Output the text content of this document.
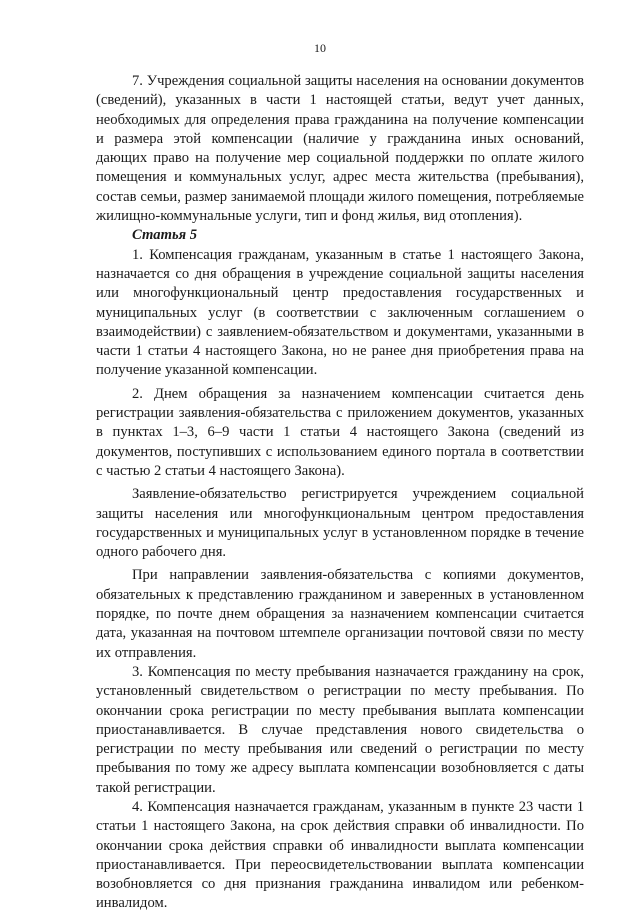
10

7. Учреждения социальной защиты населения на основании документов (сведений), указанных в части 1 настоящей статьи, ведут учет данных, необходимых для определения права гражданина на получение компенсации и размера этой компенсации (наличие у гражданина иных оснований, дающих право на получение мер социальной поддержки по оплате жилого помещения и коммунальных услуг, адрес места жительства (пребывания), состав семьи, размер занимаемой площади жилого помещения, потребляемые жилищно-коммунальные услуги, тип и фонд жилья, вид отопления).

Статья 5

1. Компенсация гражданам, указанным в статье 1 настоящего Закона, назначается со дня обращения в учреждение социальной защиты населения или многофункциональный центр предоставления государственных и муниципальных услуг (в соответствии с заключенным соглашением о взаимодействии) с заявлением-обязательством и документами, указанными в части 1 статьи 4 настоящего Закона, но не ранее дня приобретения права на получение указанной компенсации.

2. Днем обращения за назначением компенсации считается день регистрации заявления-обязательства с приложением документов, указанных в пунктах 1–3, 6–9 части 1 статьи 4 настоящего Закона (сведений из документов, поступивших с использованием единого портала в соответствии с частью 2 статьи 4 настоящего Закона).

Заявление-обязательство регистрируется учреждением социальной защиты населения или многофункциональным центром предоставления государственных и муниципальных услуг в установленном порядке в течение одного рабочего дня.

При направлении заявления-обязательства с копиями документов, обязательных к представлению гражданином и заверенных в установленном порядке, по почте днем обращения за назначением компенсации считается дата, указанная на почтовом штемпеле организации почтовой связи по месту их отправления.

3. Компенсация по месту пребывания назначается гражданину на срок, установленный свидетельством о регистрации по месту пребывания. По окончании срока регистрации по месту пребывания выплата компенсации приостанавливается. В случае представления нового свидетельства о регистрации по месту пребывания или сведений о регистрации по месту пребывания по тому же адресу выплата компенсации возобновляется с даты такой регистрации.

4. Компенсация назначается гражданам, указанным в пункте 23 части 1 статьи 1 настоящего Закона, на срок действия справки об инвалидности. По окончании срока действия справки об инвалидности выплата компенсации приостанавливается. При переосвидетельствовании выплата компенсации возобновляется со дня признания гражданина инвалидом или ребенком-инвалидом.
